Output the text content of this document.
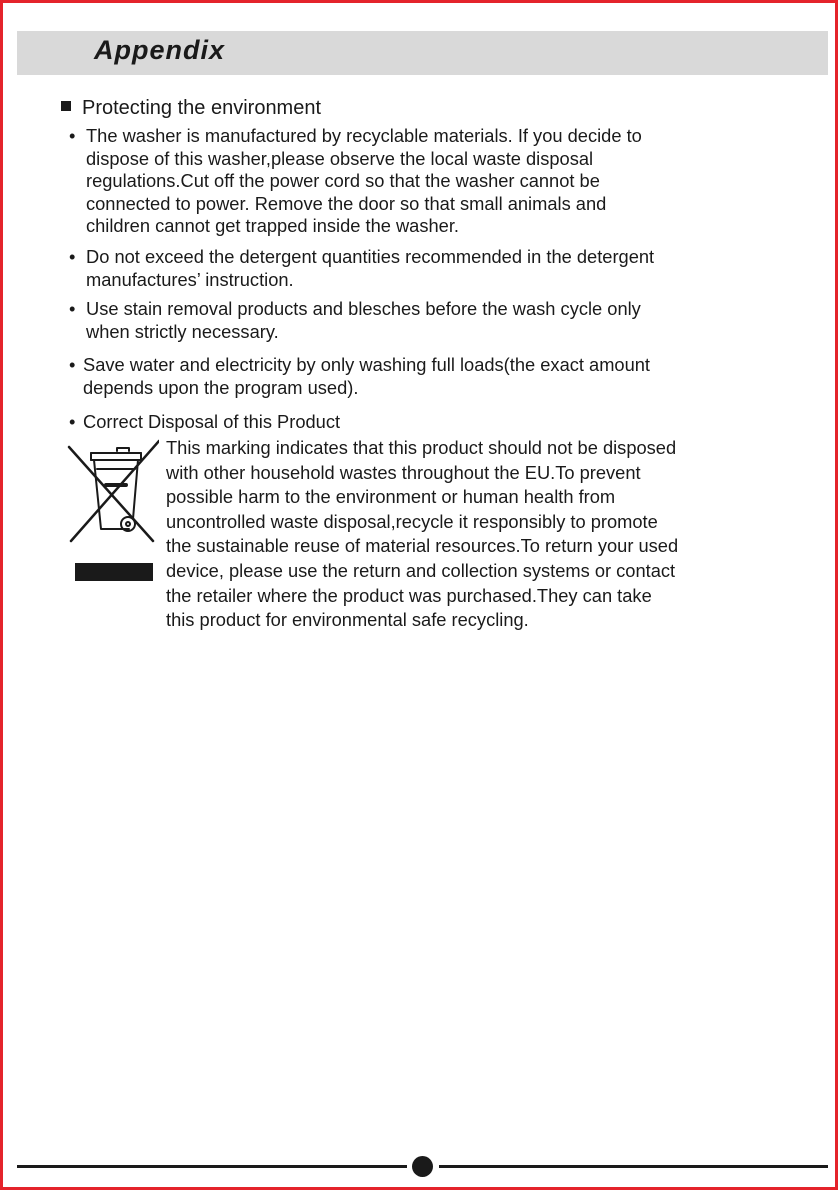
Appendix
Protecting the environment
• The washer is manufactured by recyclable materials. If you decide to
dispose of this washer,please observe the local waste disposal
regulations.Cut off the power cord so that the washer cannot be
connected to power. Remove the door so that small animals and
children cannot get trapped inside the washer.
• Do not exceed the detergent quantities recommended in the detergent
manufactures’ instruction.
• Use stain removal products and blesches before the wash cycle only
when strictly necessary.
• Save water and electricity by only washing full loads(the exact amount
depends upon the program used).
• Correct Disposal of this Product
This marking indicates that this product should not be disposed
with other household wastes throughout the EU.To prevent
possible harm to the environment or human health from
uncontrolled waste disposal,recycle it responsibly to promote
the sustainable reuse of material resources.To return your used
device, please use the return and collection systems or contact
the retailer where the product was purchased.They can take
this product for environmental safe recycling.
